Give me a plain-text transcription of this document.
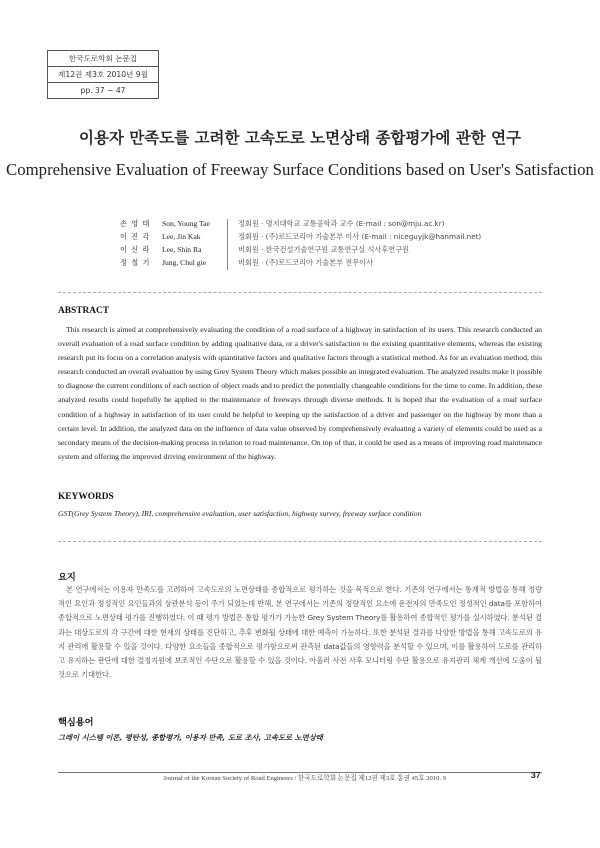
한국도로학회 논문집
제12권 제3호 2010년 9월
pp. 37 ~ 47
이용자 만족도를 고려한 고속도로 노면상태 종합평가에 관한 연구
Comprehensive Evaluation of Freeway Surface Conditions based on User's Satisfaction
손 영 태	Son, Young Tae	정회원 · 명지대학교 교통공학과 교수 (E-mail : son@mju.ac.kr)
이 진 각	Lee, Jin Kak	정회원 · (주)로드코리아 기술본부 이사 (E-mail : niceguyjk@hanmail.net)
이 신 라	Lee, Shin Ra	비회원 · 한국건설기술연구원 교통연구실 석사후연구원
정 철 기	Jung, Chul gie	비회원 · (주)로드코리아 기술본부 전무이사
ABSTRACT

This research is aimed at comprehensively evaluating the condition of a road surface of a highway in satisfaction of its users. This research conducted an overall evaluation of a road surface condition by adding qualitative data, or a driver's satisfaction to the existing quantitative elements, whereas the existing research put its focus on a correlation analysis with quantitative factors and qualitative factors through a statistical method. As for an evaluation method, this research conducted an overall evaluation by using Grey System Theory which makes possible an integrated evaluation. The analyzed results make it possible to diagnose the current conditions of each section of object roads and to predict the potentially changeable conditions for the time to come. In addition, these analyzed results could hopefully be applied to the maintenance of freeways through diverse methods. It is hoped that the evaluation of a road surface condition of a highway in satisfaction of its user could be helpful to keeping up the satisfaction of a driver and passenger on the highway by more than a certain level. In addition, the analyzed data on the influence of data value observed by comprehensively evaluating a variety of elements could be used as a secondary means of the decision-making process in relation to road maintenance. On top of that, it could be used as a means of improving road maintenance system and offering the improved driving environment of the highway.

KEYWORDS
GST(Grey System Theory), IRI, comprehensive evaluation, user satisfaction, highway survey, freeway surface condition
요지

본 연구에서는 이용자 만족도를 고려하여 고속도로의 노면상태를 종합적으로 평가하는 것을 목적으로 한다. 기존의 연구에서는 통계적 방법을 통해 정량적인 요인과 정성적인 요인들과의 상관분석 등이 주가 되었는데 반해, 본 연구에서는 기존의 정량적인 요소에 운전자의 만족도인 정성적인 data를 포함하여 종합적으로 노면상태 평가를 진행하였다. 이 때 평가 방법은 통합 평가가 가능한 Grey System Theory를 활용하여 종합적인 평가를 실시하였다. 분석된 결과는 대상도로의 각 구간에 대한 현재의 상태를 진단하고, 추후 변화될 상태에 대한 예측이 가능하다. 또한 분석된 결과를 다양한 방법을 통해 고속도로의 유지 관리에 활용할 수 있을 것이다. 다양한 요소들을 종합적으로 평가함으로써 관측된 data값들의 영향력을 분석할 수 있으며, 이를 활용하여 도로를 관리하고 유지하는 판단에 대한 결정지원에 보조적인 수단으로 활용할 수 있을 것이다. 아울러 사전 사후 모니터링 수단 활용으로 유지관리 체계 개선에 도움이 될 것으로 기대한다.

핵심용어
그레이 시스템 이론, 평탄성, 종합평가, 이용자 만족, 도로 조사, 고속도로 노면상태
Journal of the Korean Society of Road Engineers / 한국도로학회 논문집 제12권 제3호 통권 45호 2010. 9	37
